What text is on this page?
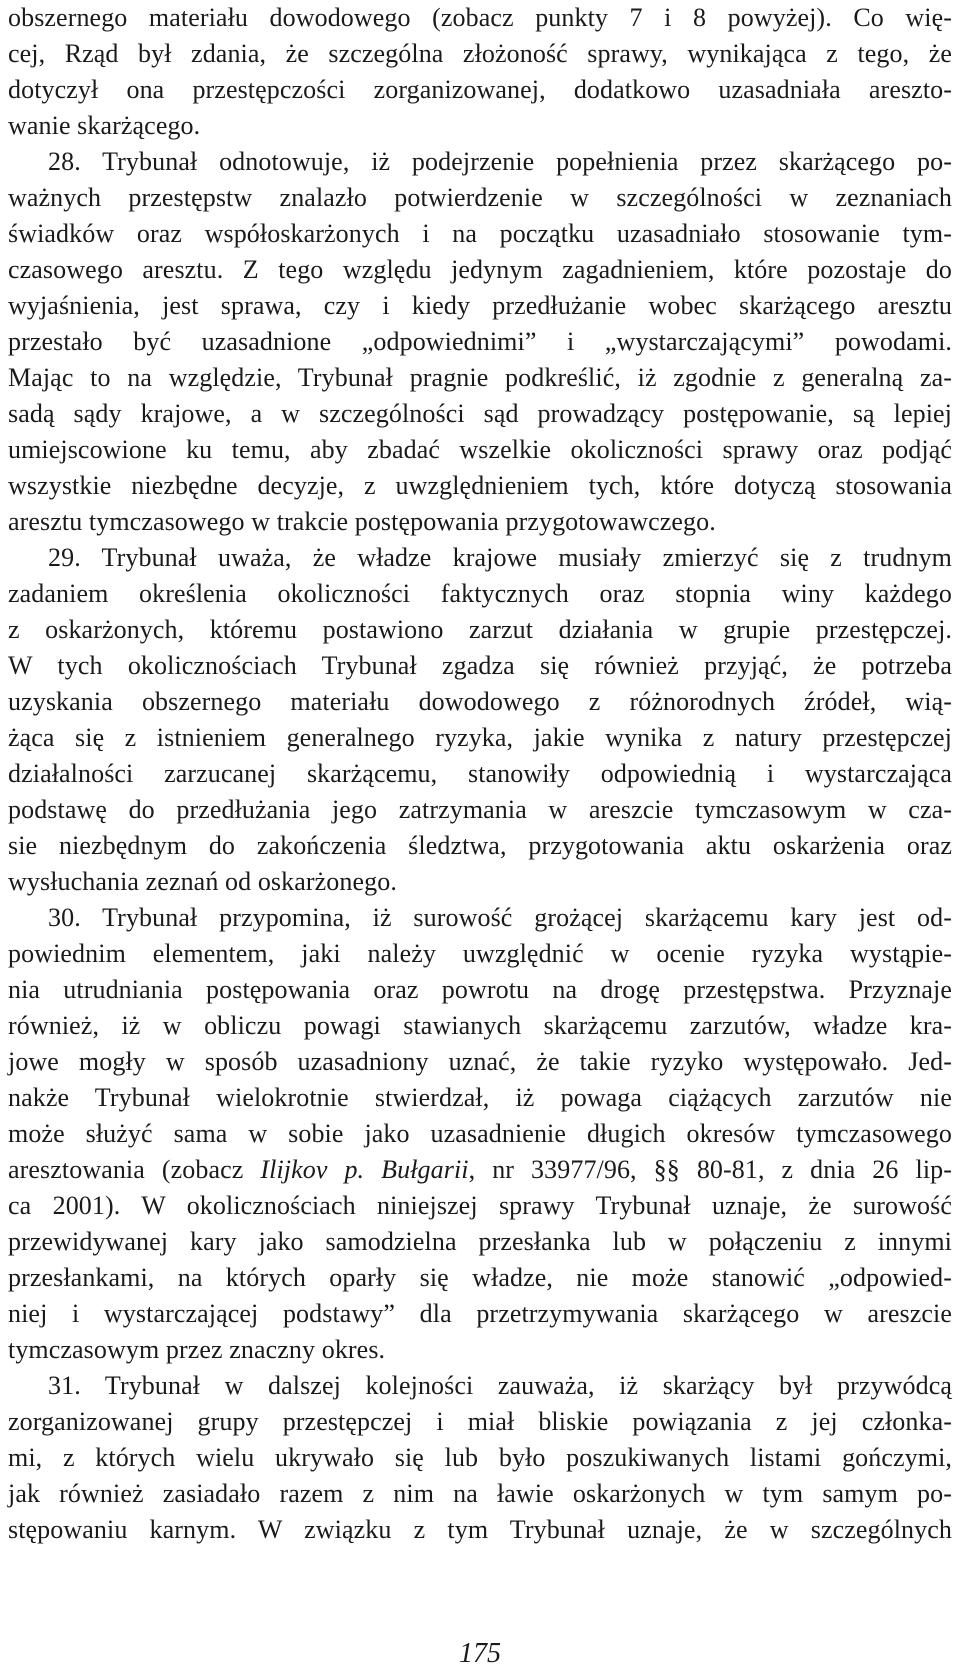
obszernego materiału dowodowego (zobacz punkty 7 i 8 powyżej). Co wię-
cej, Rząd był zdania, że szczególna złożoność sprawy, wynikająca z tego, że
dotyczył ona przestępczości zorganizowanej, dodatkowo uzasadniała areszto-
wanie skarżącego.
28. Trybunał odnotowuje, iż podejrzenie popełnienia przez skarżącego po-
ważnych przestępstw znalazło potwierdzenie w szczególności w zeznaniach
świadków oraz współoskarżonych i na początku uzasadniało stosowanie tym-
czasowego aresztu. Z tego względu jedynym zagadnieniem, które pozostaje do
wyjaśnienia, jest sprawa, czy i kiedy przedłużanie wobec skarżącego aresztu
przestało być uzasadnione „odpowiednimi” i „wystarczającymi” powodami.
Mając to na względzie, Trybunał pragnie podkreślić, iż zgodnie z generalną za-
sadą sądy krajowe, a w szczególności sąd prowadzący postępowanie, są lepiej
umiejscowione ku temu, aby zbadać wszelkie okoliczności sprawy oraz podjąć
wszystkie niezbędne decyzje, z uwzględnieniem tych, które dotyczą stosowania
aresztu tymczasowego w trakcie postępowania przygotowawczego.
29. Trybunał uważa, że władze krajowe musiały zmierzyć się z trudnym
zadaniem określenia okoliczności faktycznych oraz stopnia winy każdego
z oskarżonych, któremu postawiono zarzut działania w grupie przestępczej.
W tych okolicznościach Trybunał zgadza się również przyjąć, że potrzeba
uzyskania obszernego materiału dowodowego z różnorodnych źródeł, wią-
żąca się z istnieniem generalnego ryzyka, jakie wynika z natury przestępczej
działalności zarzucanej skarżącemu, stanowiły odpowiednią i wystarczająca
podstawę do przedłużania jego zatrzymania w areszcie tymczasowym w cza-
sie niezbędnym do zakończenia śledztwa, przygotowania aktu oskarżenia oraz
wysłuchania zeznań od oskarżonego.
30. Trybunał przypomina, iż surowość grożącej skarżącemu kary jest od-
powiednim elementem, jaki należy uwzględnić w ocenie ryzyka wystąpie-
nia utrudniania postępowania oraz powrotu na drogę przestępstwa. Przyznaje
również, iż w obliczu powagi stawianych skarżącemu zarzutów, władze kra-
jowe mogły w sposób uzasadniony uznać, że takie ryzyko występowało. Jed-
nakże Trybunał wielokrotnie stwierdzał, iż powaga ciążących zarzutów nie
może służyć sama w sobie jako uzasadnienie długich okresów tymczasowego
aresztowania (zobacz Ilijkov p. Bułgarii, nr 33977/96, §§ 80-81, z dnia 26 lip-
ca 2001). W okolicznościach niniejszej sprawy Trybunał uznaje, że surowość
przewidywanej kary jako samodzielna przesłanka lub w połączeniu z innymi
przesłankami, na których oparły się władze, nie może stanowić „odpowied-
niej i wystarczającej podstawy” dla przetrzymywania skarżącego w areszcie
tymczasowym przez znaczny okres.
31. Trybunał w dalszej kolejności zauważa, iż skarżący był przywódcą
zorganizowanej grupy przestępczej i miał bliskie powiązania z jej członka-
mi, z których wielu ukrywało się lub było poszukiwanych listami gończymi,
jak również zasiadało razem z nim na ławie oskarżonych w tym samym po-
stępowaniu karnym. W związku z tym Trybunał uznaje, że w szczególnych
175
